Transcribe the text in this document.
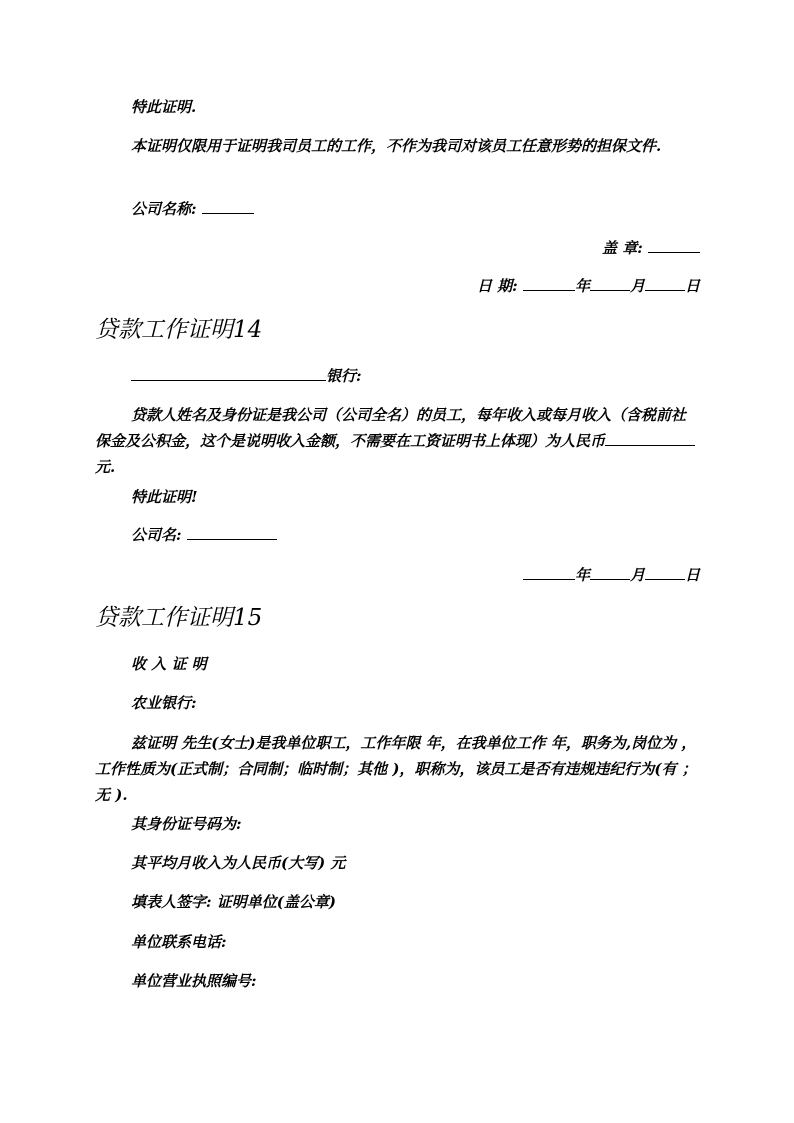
特此证明.

本证明仅限用于证明我司员工的工作，不作为我司对该员工任意形势的担保文件.

公司名称:

盖 章:

日 期:	年	月	日

贷款工作证明14

银行:

贷款人姓名及身份证是我公司（公司全名）的员工，每年收入或每月收入（含税前社保金及公积金，这个是说明收入金额，不需要在工资证明书上体现）为人民币元.

特此证明!

公司名:

年	月	日

贷款工作证明15

收 入 证 明

农业银行:

兹证明 先生(女士)是我单位职工，工作年限 年，在我单位工作 年，职务为,岗位为 ，工作性质为(正式制；合同制；临时制；其他 )，职称为，该员工是否有违规违纪行为(有 ；无 ).

其身份证号码为:

其平均月收入为人民币(大写) 元

填表人签字: 证明单位(盖公章)

单位联系电话:

单位营业执照编号:
